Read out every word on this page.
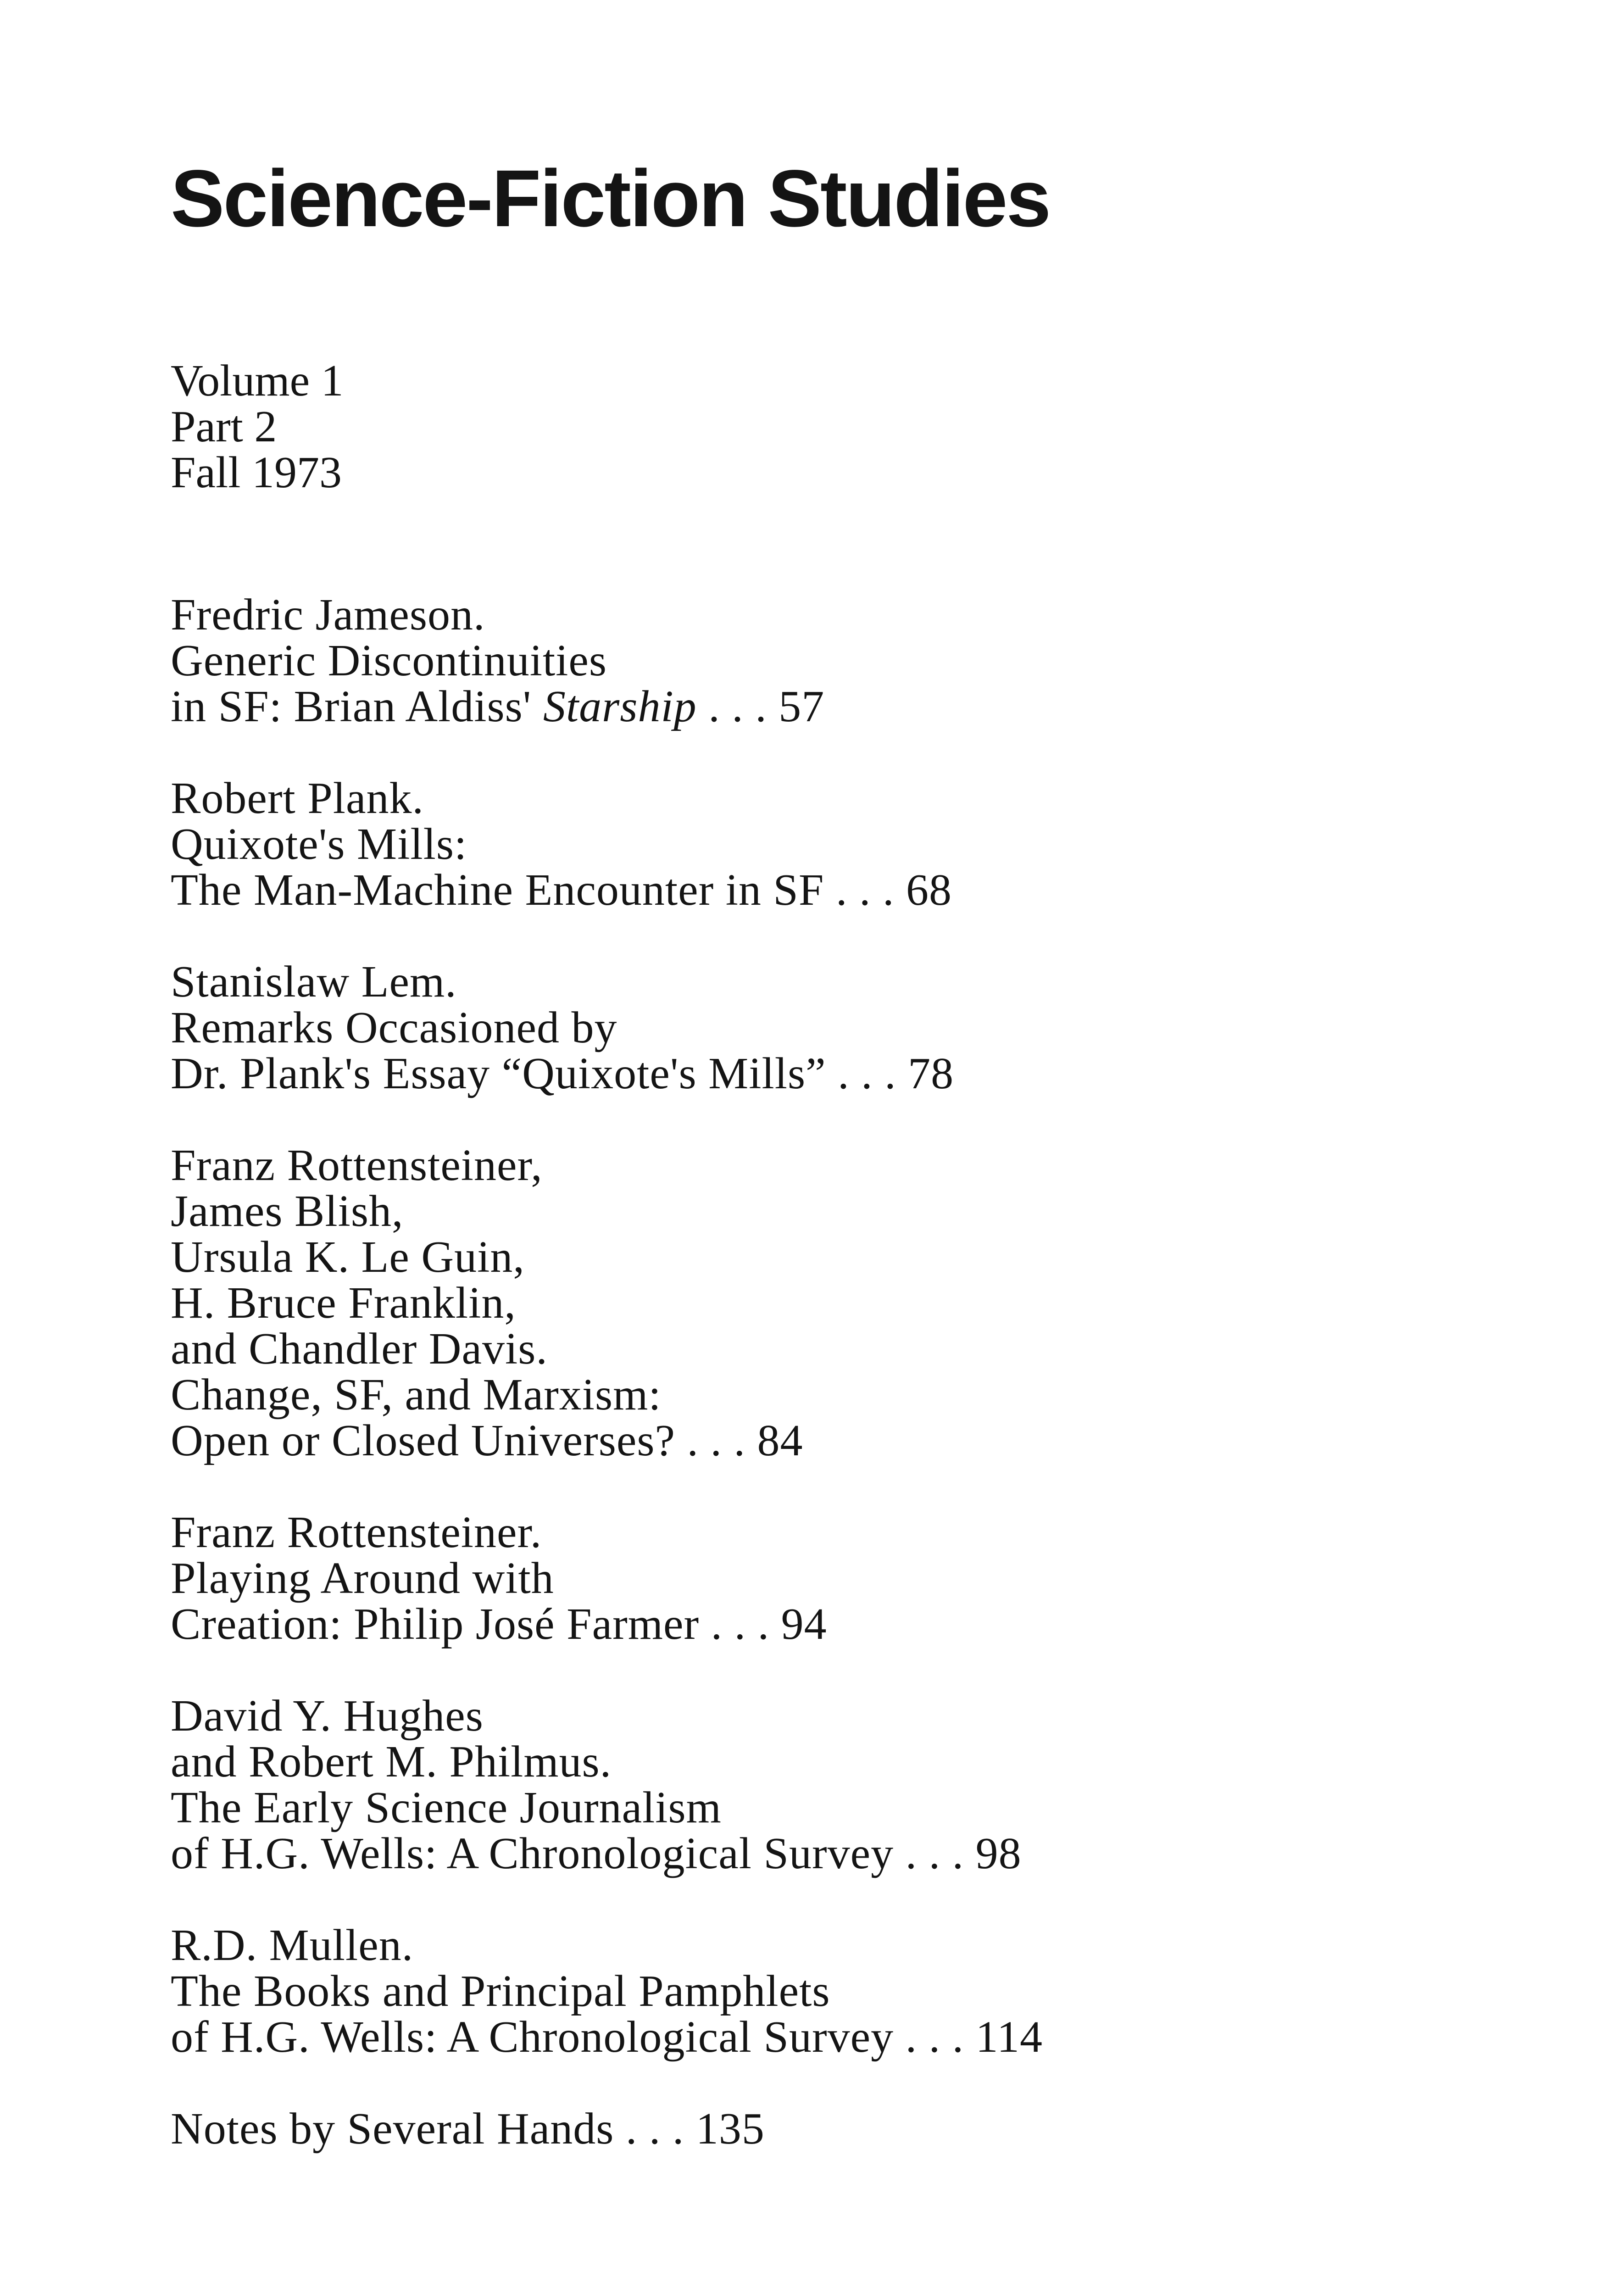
Science-Fiction Studies
Volume 1
Part 2
Fall 1973
Fredric Jameson.
Generic Discontinuities
in SF: Brian Aldiss' Starship . . . 57
Robert Plank.
Quixote's Mills:
The Man-Machine Encounter in SF . . . 68
Stanislaw Lem.
Remarks Occasioned by
Dr. Plank's Essay “Quixote's Mills” . . . 78
Franz Rottensteiner,
James Blish,
Ursula K. Le Guin,
H. Bruce Franklin,
and Chandler Davis.
Change, SF, and Marxism:
Open or Closed Universes? . . . 84
Franz Rottensteiner.
Playing Around with
Creation: Philip José Farmer . . . 94
David Y. Hughes
and Robert M. Philmus.
The Early Science Journalism
of H.G. Wells: A Chronological Survey . . . 98
R.D. Mullen.
The Books and Principal Pamphlets
of H.G. Wells: A Chronological Survey . . . 114
Notes by Several Hands . . . 135
